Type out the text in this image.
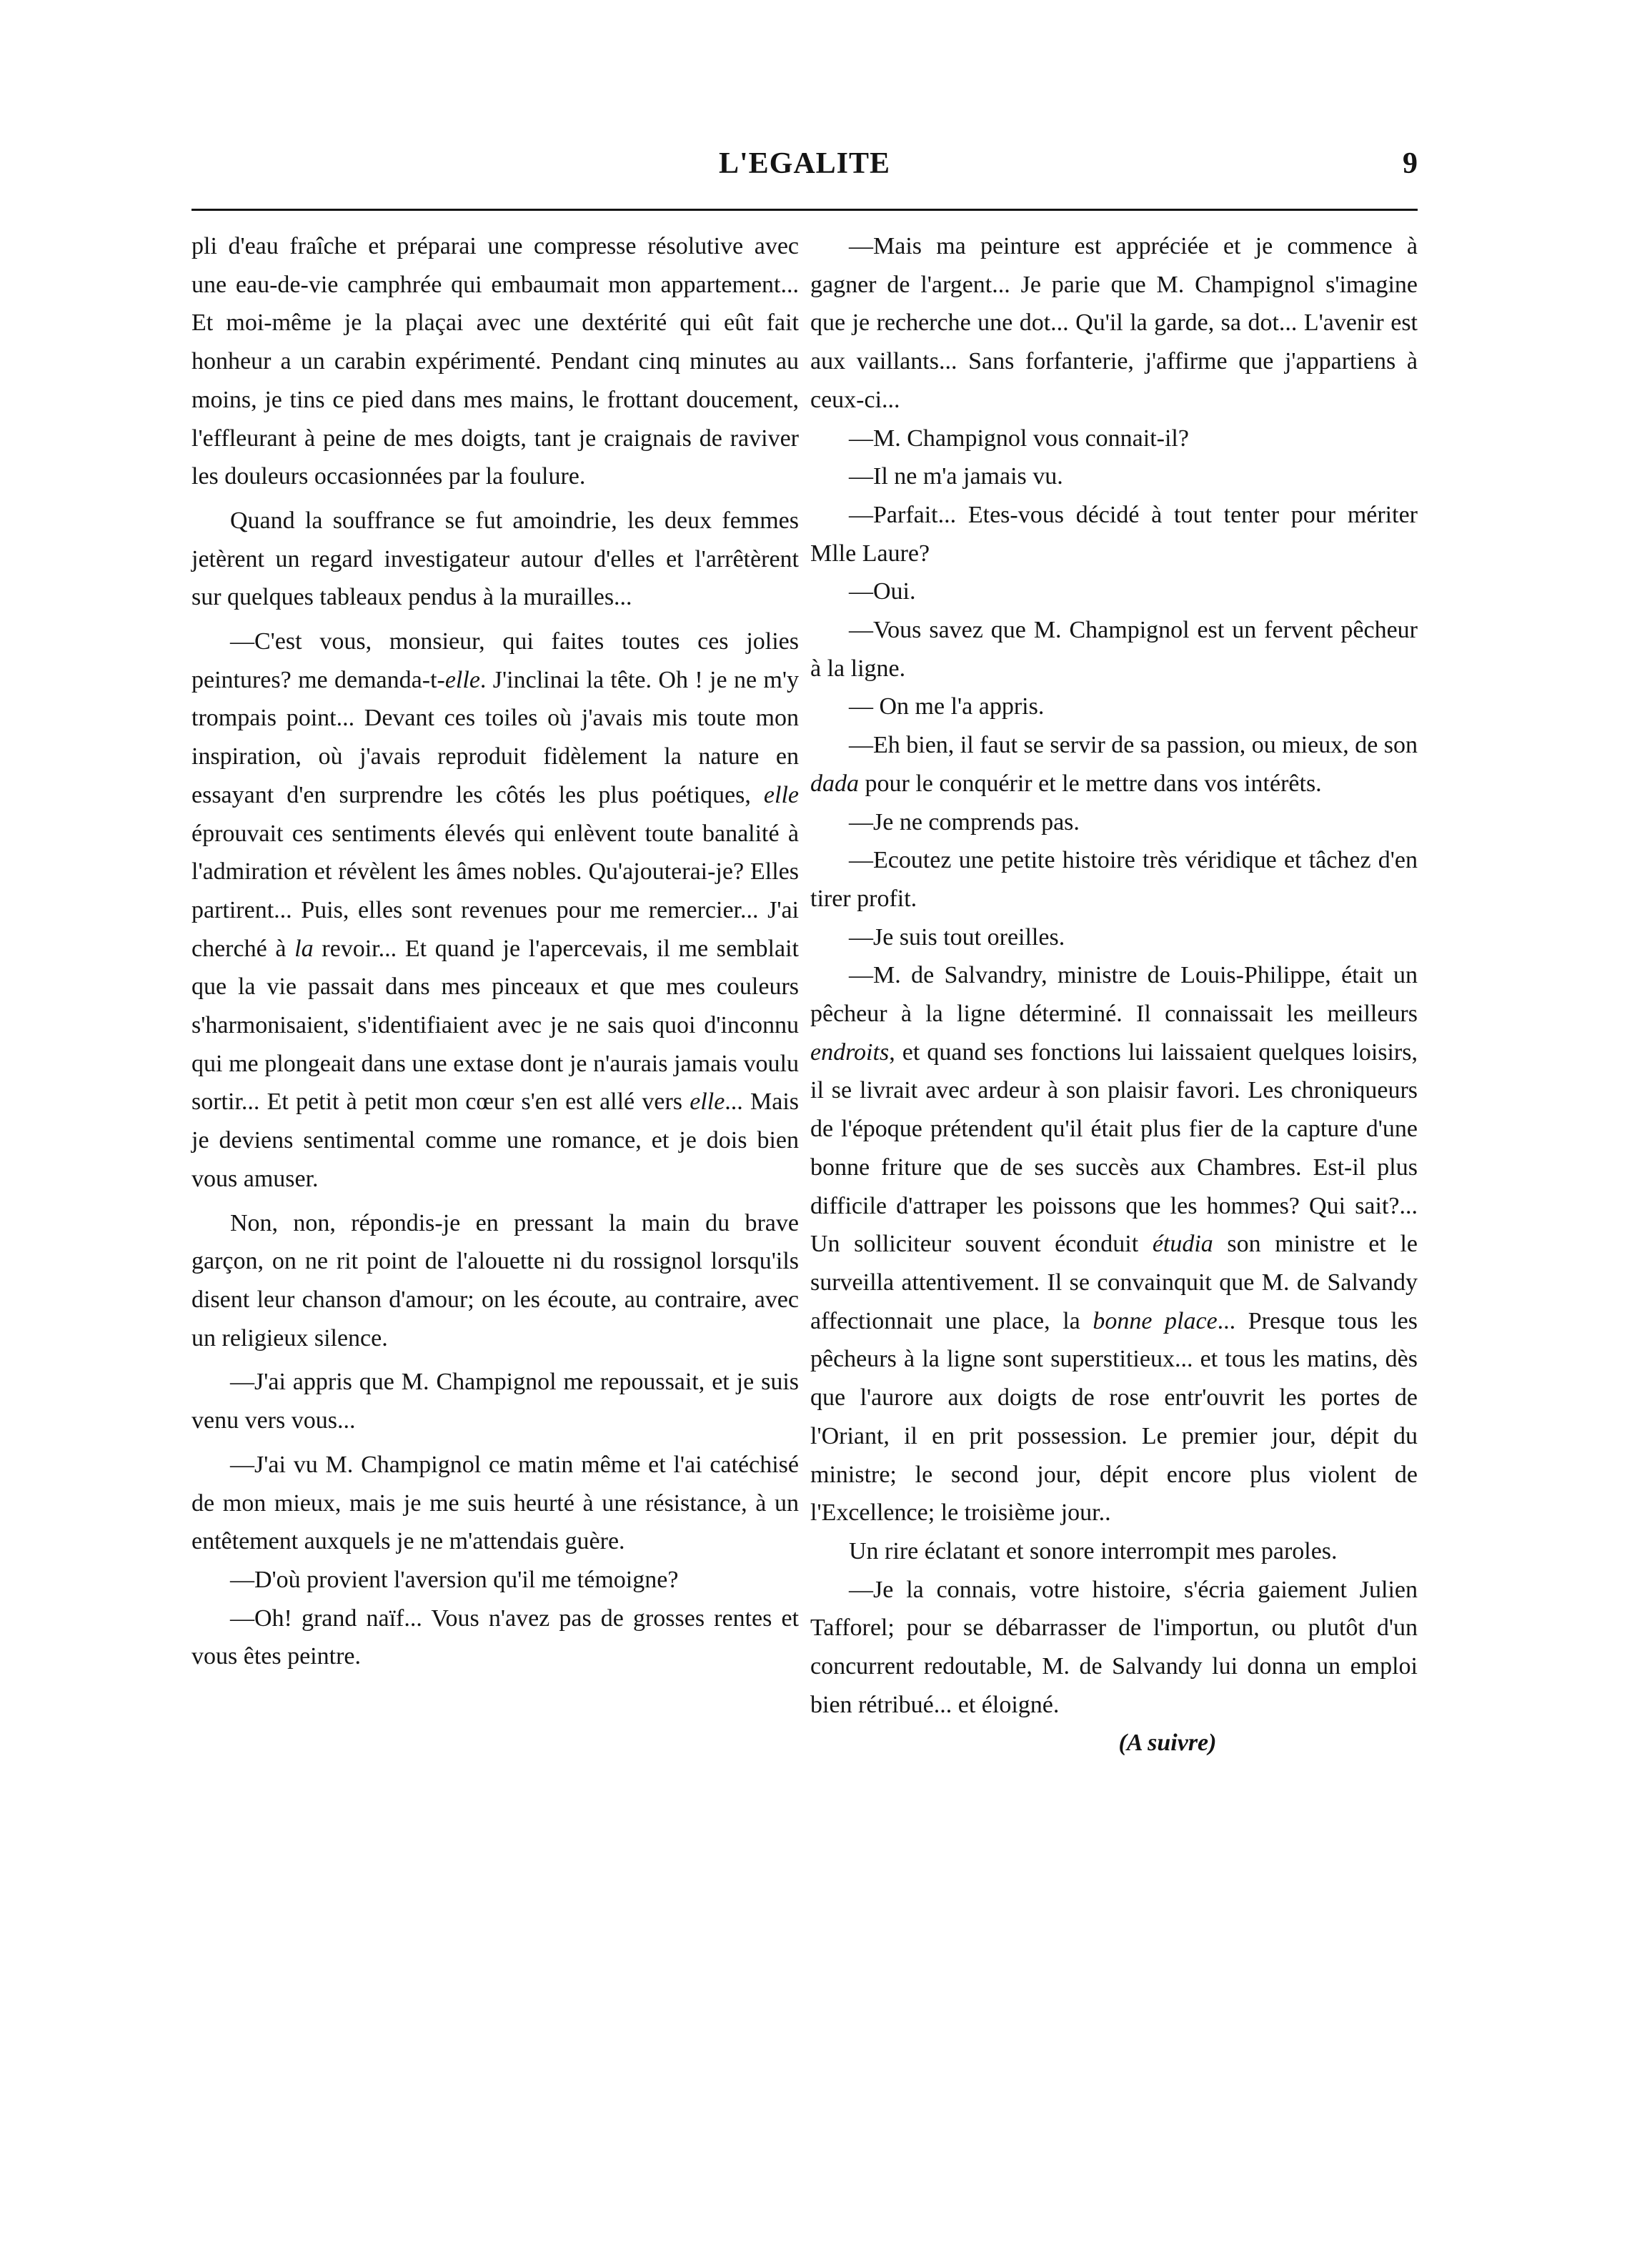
L'EGALITE	9

pli d'eau fraîche et préparai une compresse résolutive avec une eau-de-vie camphrée qui embaumait mon appartement... Et moi-même je la plaçai avec une dextérité qui eût fait honheur a un carabin expérimenté. Pendant cinq minutes au moins, je tins ce pied dans mes mains, le frottant doucement, l'effleurant à peine de mes doigts, tant je craignais de raviver les douleurs occasionnées par la foulure.

Quand la souffrance se fut amoindrie, les deux femmes jetèrent un regard investigateur autour d'elles et l'arrêtèrent sur quelques tableaux pendus à la murailles...

—C'est vous, monsieur, qui faites toutes ces jolies peintures? me demanda-t-elle. J'inclinai la tête. Oh ! je ne m'y trompais point... Devant ces toiles où j'avais mis toute mon inspiration, où j'avais reproduit fidèlement la nature en essayant d'en surprendre les côtés les plus poétiques, elle éprouvait ces sentiments élevés qui enlèvent toute banalité à l'admiration et révèlent les âmes nobles. Qu'ajouterai-je? Elles partirent... Puis, elles sont revenues pour me remercier... J'ai cherché à la revoir... Et quand je l'apercevais, il me semblait que la vie passait dans mes pinceaux et que mes couleurs s'harmonisaient, s'identifiaient avec je ne sais quoi d'inconnu qui me plongeait dans une extase dont je n'aurais jamais voulu sortir... Et petit à petit mon cœur s'en est allé vers elle... Mais je deviens sentimental comme une romance, et je dois bien vous amuser.

Non, non, répondis-je en pressant la main du brave garçon, on ne rit point de l'alouette ni du rossignol lorsqu'ils disent leur chanson d'amour; on les écoute, au contraire, avec un religieux silence.

—J'ai appris que M. Champignol me repoussait, et je suis venu vers vous...

—J'ai vu M. Champignol ce matin même et l'ai catéchisé de mon mieux, mais je me suis heurté à une résistance, à un entêtement auxquels je ne m'attendais guère.

—D'où provient l'aversion qu'il me témoigne?

—Oh! grand naïf... Vous n'avez pas de grosses rentes et vous êtes peintre.

—Mais ma peinture est appréciée et je commence à gagner de l'argent... Je parie que M. Champignol s'imagine que je recherche une dot... Qu'il la garde, sa dot... L'avenir est aux vaillants... Sans forfanterie, j'affirme que j'appartiens à ceux-ci...

—M. Champignol vous connait-il?

—Il ne m'a jamais vu.

—Parfait... Etes-vous décidé à tout tenter pour mériter Mlle Laure?

—Oui.

—Vous savez que M. Champignol est un fervent pêcheur à la ligne.

— On me l'a appris.

—Eh bien, il faut se servir de sa passion, ou mieux, de son dada pour le conquérir et le mettre dans vos intérêts.

—Je ne comprends pas.

—Ecoutez une petite histoire très véridique et tâchez d'en tirer profit.

—Je suis tout oreilles.

—M. de Salvandry, ministre de Louis-Philippe, était un pêcheur à la ligne déterminé. Il connaissait les meilleurs endroits, et quand ses fonctions lui laissaient quelques loisirs, il se livrait avec ardeur à son plaisir favori. Les chroniqueurs de l'époque prétendent qu'il était plus fier de la capture d'une bonne friture que de ses succès aux Chambres. Est-il plus difficile d'attraper les poissons que les hommes? Qui sait?... Un solliciteur souvent éconduit étudia son ministre et le surveilla attentivement. Il se convainquit que M. de Salvandy affectionnait une place, la bonne place... Presque tous les pêcheurs à la ligne sont superstitieux... et tous les matins, dès que l'aurore aux doigts de rose entr'ouvrit les portes de l'Oriant, il en prit possession. Le premier jour, dépit du ministre; le second jour, dépit encore plus violent de l'Excellence; le troisième jour..

Un rire éclatant et sonore interrompit mes paroles.

—Je la connais, votre histoire, s'écria gaiement Julien Tafforel; pour se débarrasser de l'importun, ou plutôt d'un concurrent redoutable, M. de Salvandy lui donna un emploi bien rétribué... et éloigné.

(A suivre)
